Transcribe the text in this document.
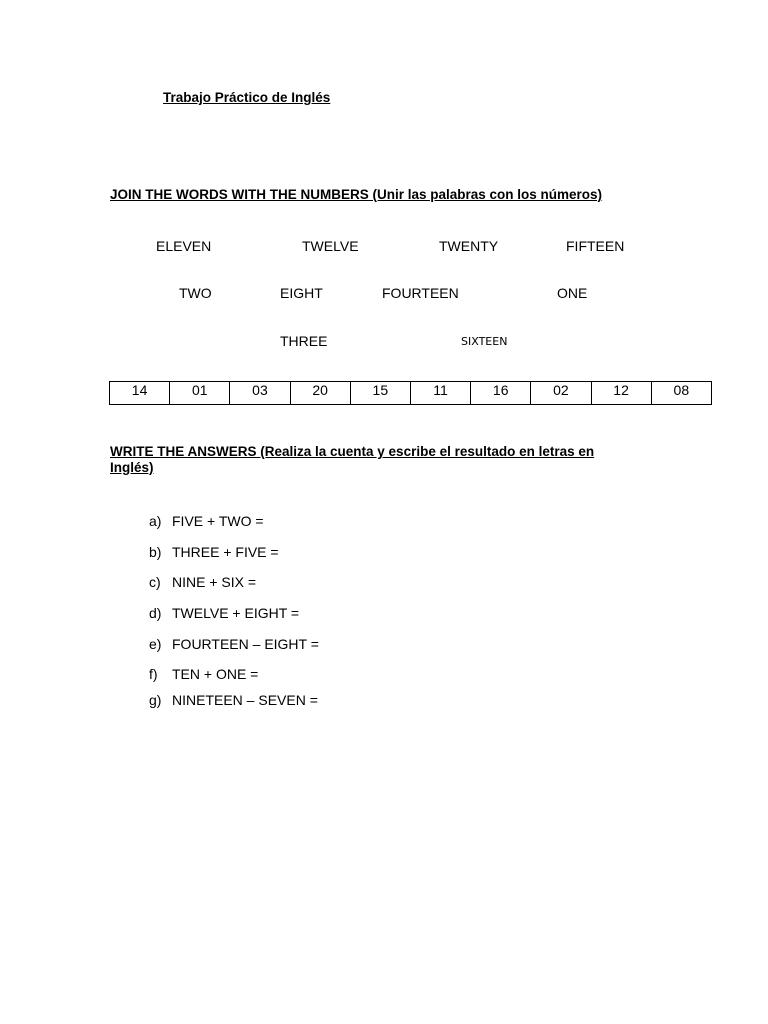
Trabajo Práctico de Inglés
JOIN THE WORDS WITH THE NUMBERS (Unir las palabras con los números)
ELEVEN	TWELVE	TWENTY	FIFTEEN
TWO	EIGHT	FOURTEEN	ONE
THREE	SIXTEEN
14	01	03	20	15	11	16	02	12	08
WRITE THE ANSWERS (Realiza la cuenta y escribe el resultado en letras en Inglés)
a) FIVE + TWO =
b) THREE + FIVE =
c) NINE + SIX =
d) TWELVE + EIGHT =
e) FOURTEEN – EIGHT =
f) TEN + ONE =
g) NINETEEN – SEVEN =
